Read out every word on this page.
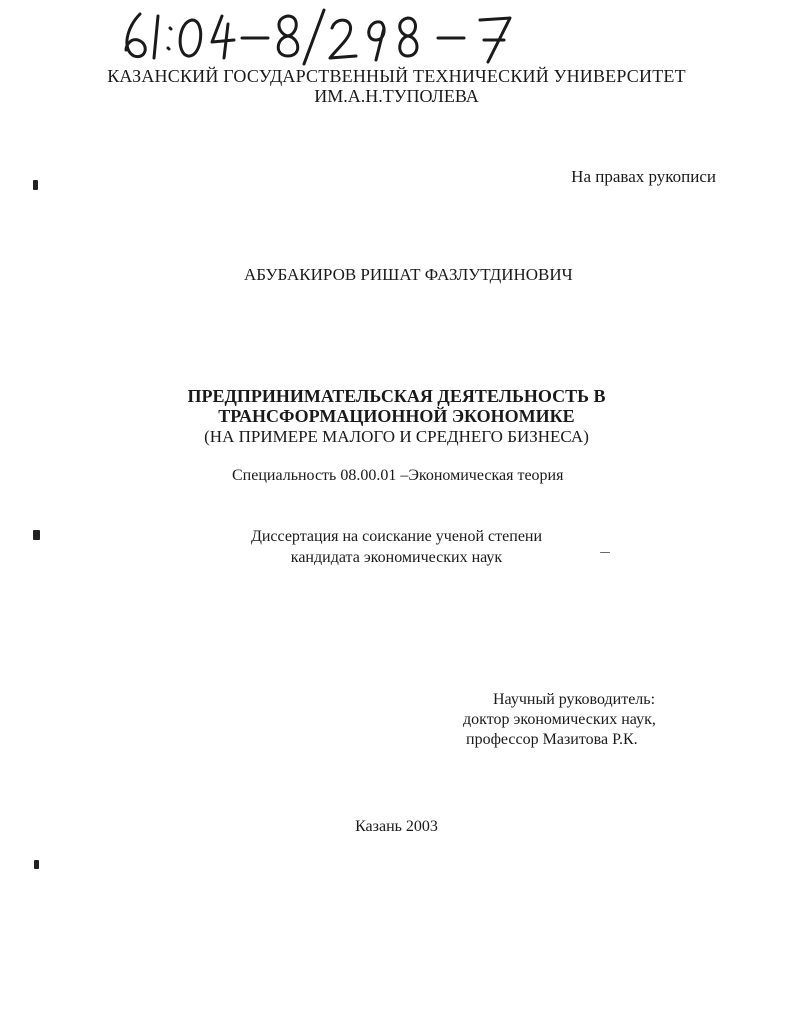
61:04-8/298-7
КАЗАНСКИЙ ГОСУДАРСТВЕННЫЙ ТЕХНИЧЕСКИЙ УНИВЕРСИТЕТ
ИМ.А.Н.ТУПОЛЕВА
На правах рукописи
АБУБАКИРОВ РИШАТ ФАЗЛУТДИНОВИЧ
ПРЕДПРИНИМАТЕЛЬСКАЯ ДЕЯТЕЛЬНОСТЬ В
ТРАНСФОРМАЦИОННОЙ ЭКОНОМИКЕ
(НА ПРИМЕРЕ МАЛОГО И СРЕДНЕГО БИЗНЕСА)
Специальность 08.00.01 –Экономическая теория
Диссертация на соискание ученой степени
кандидата экономических наук
Научный руководитель:
доктор экономических наук,
профессор Мазитова Р.К.
Казань 2003
